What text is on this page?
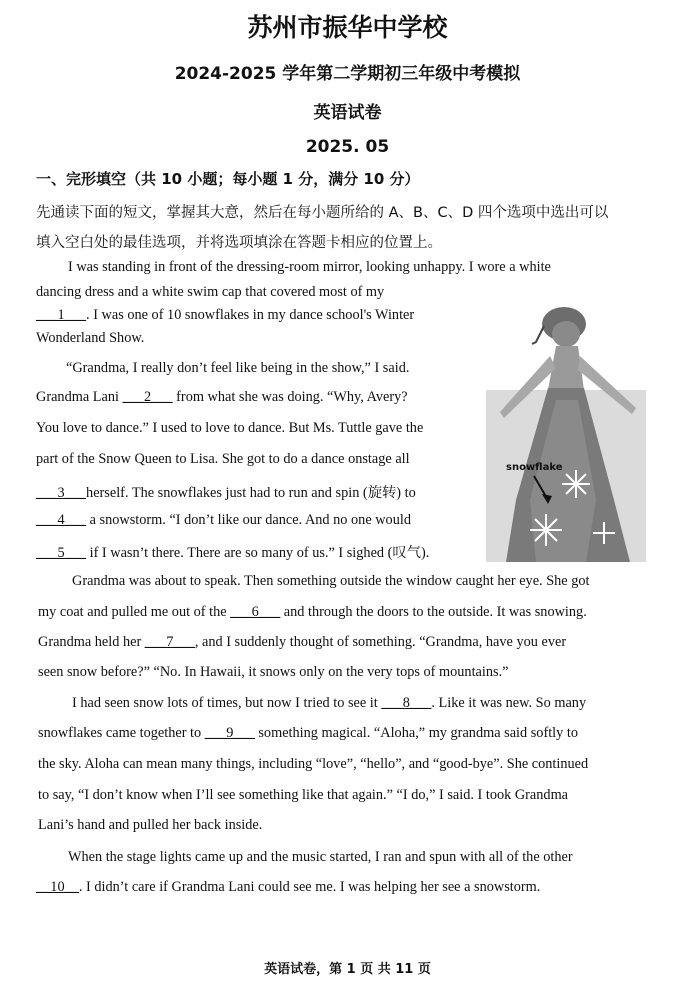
苏州市振华中学校
2024-2025 学年第二学期初三年级中考模拟
英语试卷
2025. 05
一、完形填空（共 10 小题；每小题 1 分，满分 10 分）
先通读下面的短文，掌握其大意，然后在每小题所给的 A、B、C、D 四个选项中选出可以
填入空白处的最佳选项，并将选项填涂在答题卡相应的位置上。
I was standing in front of the dressing-room mirror, looking unhappy. I wore a white
dancing dress and a white swim cap that covered most of my
___1___. I was one of 10 snowflakes in my dance school's Winter
Wonderland Show.
“Grandma, I really don’t feel like being in the show,” I said.
Grandma Lani ___2___ from what she was doing. “Why, Avery?
You love to dance.” I used to love to dance. But Ms. Tuttle gave the
part of the Snow Queen to Lisa. She got to do a dance onstage all
___3___herself. The snowflakes just had to run and spin (旋转) to
___4___ a snowstorm. “I don’t like our dance. And no one would
___5___ if I wasn’t there. There are so many of us.” I sighed (叹气).
Grandma was about to speak. Then something outside the window caught her eye. She got
my coat and pulled me out of the ___6___ and through the doors to the outside. It was snowing.
Grandma held her ___7___, and I suddenly thought of something. “Grandma, have you ever
seen snow before?” “No. In Hawaii, it snows only on the very tops of mountains.”
I had seen snow lots of times, but now I tried to see it ___8___. Like it was new. So many
snowflakes came together to ___9___ something magical. “Aloha,” my grandma said softly to
the sky. Aloha can mean many things, including “love”, “hello”, and “good-bye”. She continued
to say, “I don’t know when I’ll see something like that again.” “I do,” I said. I took Grandma
Lani’s hand and pulled her back inside.
When the stage lights came up and the music started, I ran and spun with all of the other
__10__. I didn’t care if Grandma Lani could see me. I was helping her see a snowstorm.
snowflake
英语试卷，第 1 页 共 11 页
